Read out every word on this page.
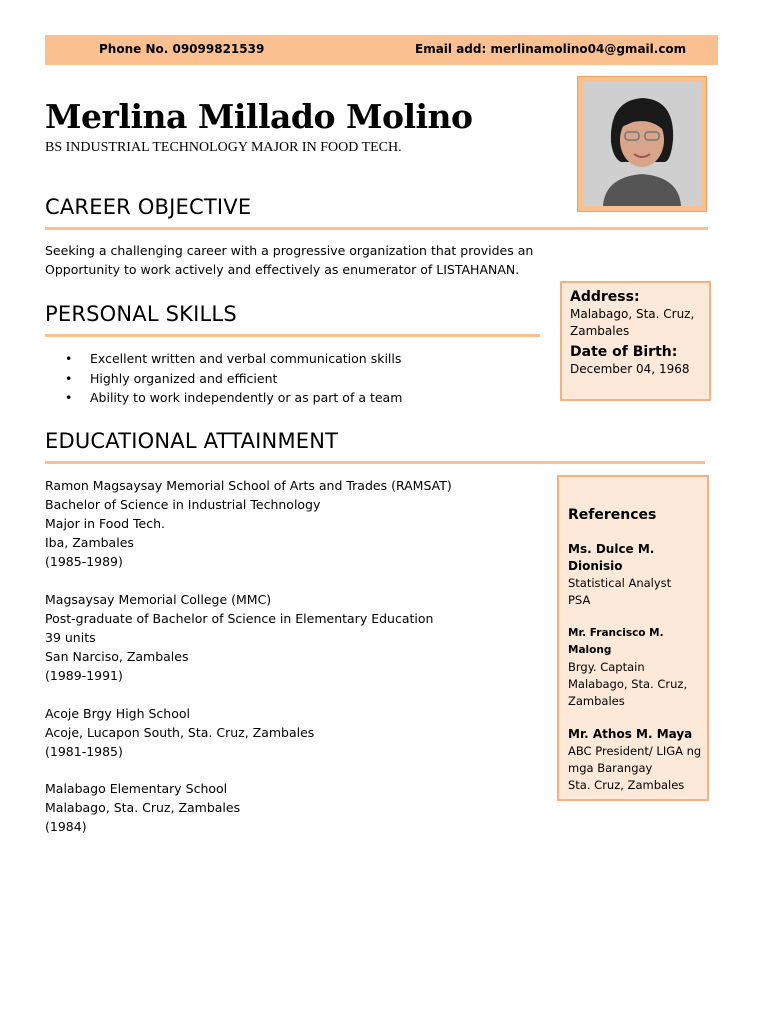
Phone No. 09099821539	Email add: merlinamolino04@gmail.com
Merlina Millado Molino
BS INDUSTRIAL TECHNOLOGY MAJOR IN FOOD TECH.
CAREER OBJECTIVE
Seeking a challenging career with a progressive organization that provides an
Opportunity to work actively and effectively as enumerator of LISTAHANAN.
PERSONAL SKILLS
• Excellent written and verbal communication skills
• Highly organized and efficient
• Ability to work independently or as part of a team
Address:
Malabago, Sta. Cruz,
Zambales
Date of Birth:
December 04, 1968
EDUCATIONAL ATTAINMENT
Ramon Magsaysay Memorial School of Arts and Trades (RAMSAT)
Bachelor of Science in Industrial Technology
Major in Food Tech.
Iba, Zambales
(1985-1989)
Magsaysay Memorial College (MMC)
Post-graduate of Bachelor of Science in Elementary Education
39 units
San Narciso, Zambales
(1989-1991)
Acoje Brgy High School
Acoje, Lucapon South, Sta. Cruz, Zambales
(1981-1985)
Malabago Elementary School
Malabago, Sta. Cruz, Zambales
(1984)
References
Ms. Dulce M. Dionisio
Statistical Analyst
PSA
Mr. Francisco M. Malong
Brgy. Captain
Malabago, Sta. Cruz,
Zambales
Mr. Athos M. Maya
ABC President/ LIGA ng
mga Barangay
Sta. Cruz, Zambales
